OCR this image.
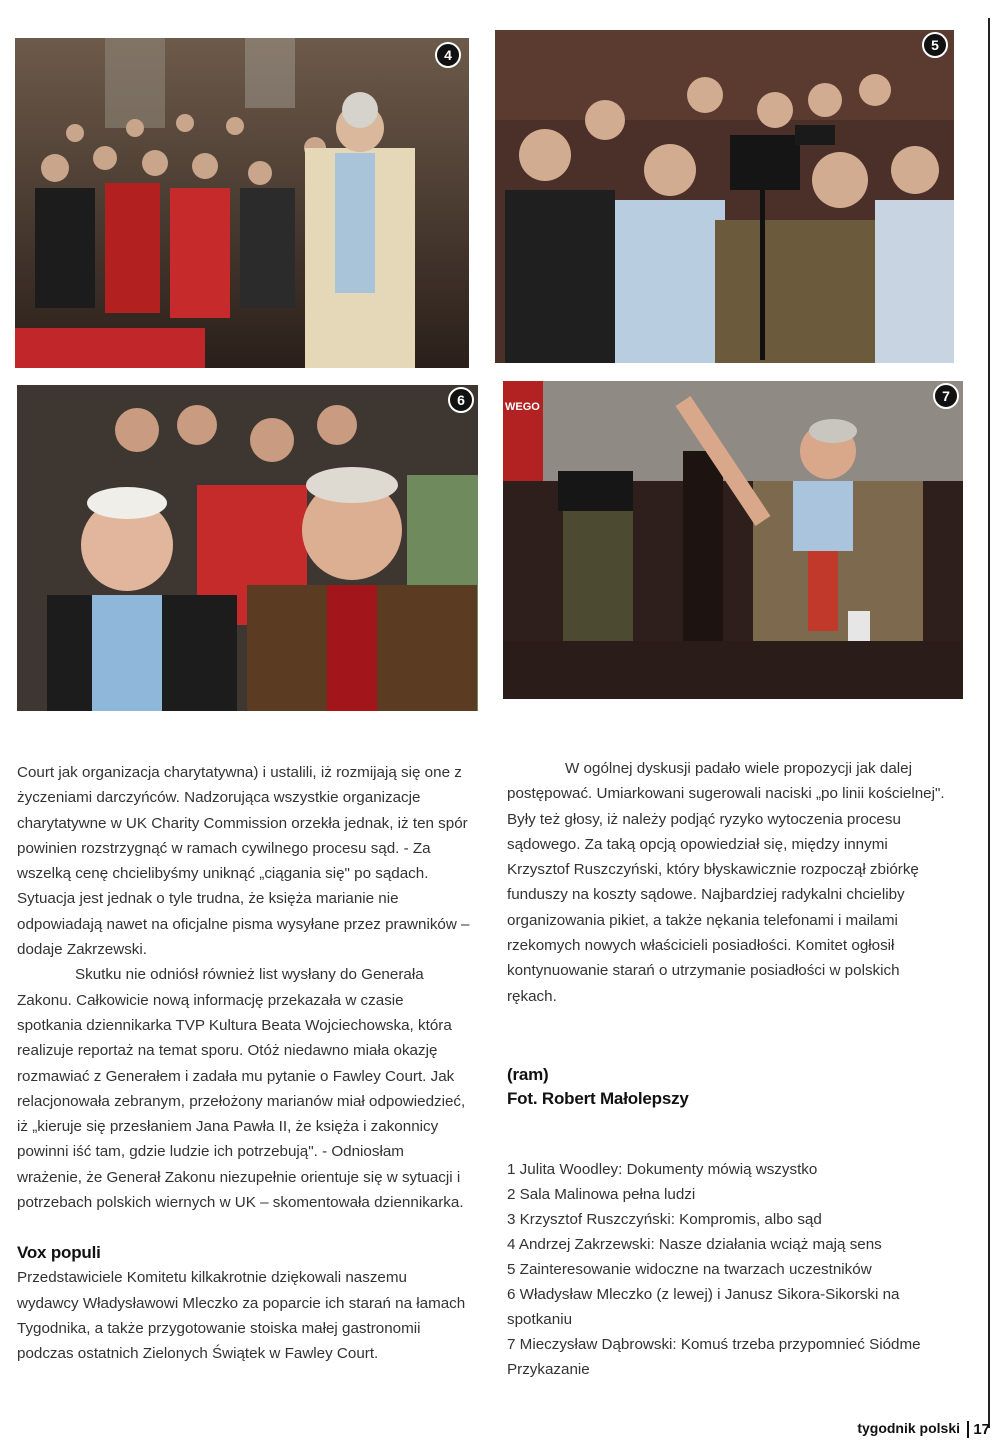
4
5
6	WEGO
7

Court jak organizacja charytatywna) i ustalili, iż rozmijają się one z życzeniami darczyńców. Nadzorująca wszystkie organizacje charytatywne w UK Charity Commission orzekła jednak, iż ten spór powinien rozstrzygnąć w ramach cywilnego procesu sąd. - Za wszelką cenę chcielibyśmy uniknąć „ciągania się" po sądach. Sytuacja jest jednak o tyle trudna, że księża marianie nie odpowiadają nawet na oficjalne pisma wysyłane przez prawników – dodaje Zakrzewski.

Skutku nie odniósł również list wysłany do Generała Zakonu. Całkowicie nową informację przekazała w czasie spotkania dziennikarka TVP Kultura Beata Wojciechowska, która realizuje reportaż na temat sporu. Otóż niedawno miała okazję rozmawiać z Generałem i zadała mu pytanie o Fawley Court. Jak relacjonowała zebranym, przełożony marianów miał odpowiedzieć, iż „kieruje się przesłaniem Jana Pawła II, że księża i zakonnicy powinni iść tam, gdzie ludzie ich potrzebują". - Odniosłam wrażenie, że Generał Zakonu niezupełnie orientuje się w sytuacji i potrzebach polskich wiernych w UK – skomentowała dziennikarka.

Vox populi

Przedstawiciele Komitetu kilkakrotnie dziękowali naszemu wydawcy Władysławowi Mleczko za poparcie ich starań na łamach Tygodnika, a także przygotowanie stoiska małej gastronomii podczas ostatnich Zielonych Świątek w Fawley Court.

W ogólnej dyskusji padało wiele propozycji jak dalej postępować. Umiarkowani sugerowali naciski „po linii kościelnej". Były też głosy, iż należy podjąć ryzyko wytoczenia procesu sądowego. Za taką opcją opowiedział się, między innymi Krzysztof Ruszczyński, który błyskawicznie rozpoczął zbiórkę funduszy na koszty sądowe. Najbardziej radykalni chcieliby organizowania pikiet, a także nękania telefonami i mailami rzekomych nowych właścicieli posiadłości. Komitet ogłosił kontynuowanie starań o utrzymanie posiadłości w polskich rękach.

(ram)
Fot. Robert Małolepszy
1 Julita Woodley: Dokumenty mówią wszystko
2 Sala Malinowa pełna ludzi
3 Krzysztof Ruszczyński: Kompromis, albo sąd
4 Andrzej Zakrzewski: Nasze działania wciąż mają sens
5 Zainteresowanie widoczne na twarzach uczestników
6 Władysław Mleczko (z lewej) i Janusz Sikora-Sikorski na spotkaniu
7 Mieczysław Dąbrowski: Komuś trzeba przypomnieć Siódme Przykazanie
tygodnik polski 17
